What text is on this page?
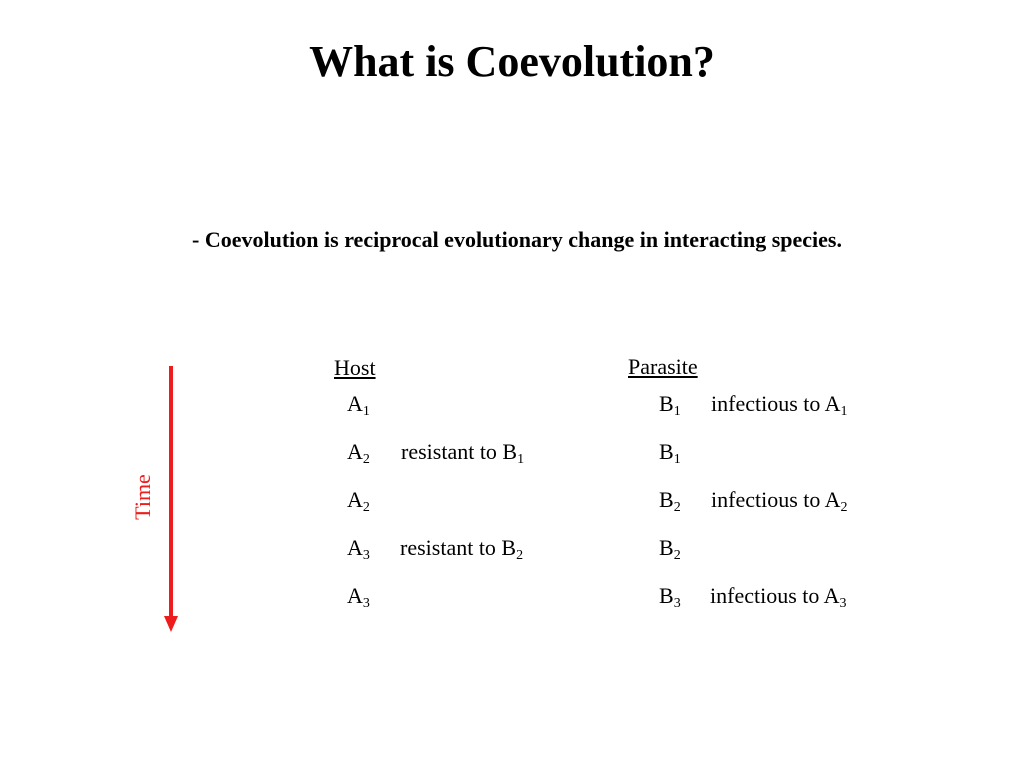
What is Coevolution?
- Coevolution is reciprocal evolutionary change in interacting species.
Host	Parasite
$A_1$	$B_1$ infectious to $A_1$
$A_2$ resistant to $B_1$	$B_1$
$A_2$	$B_2$ infectious to $A_2$
$A_3$ resistant to $B_2$	$B_2$
$A_3$	$B_3$ infectious to $A_3$
Time
